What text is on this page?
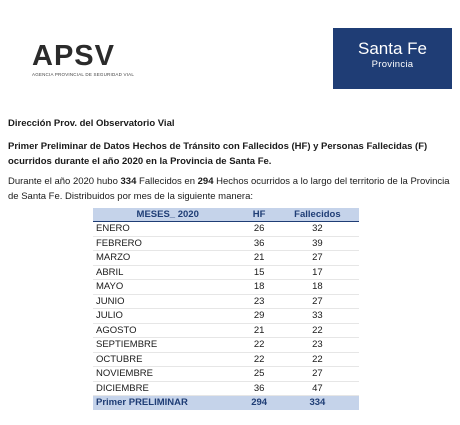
APSV
AGENCIA PROVINCIAL DE SEGURIDAD VIAL
Santa Fe
Provincia
Dirección Prov. del Observatorio Vial
Primer Preliminar de Datos Hechos de Tránsito con Fallecidos (HF) y Personas Fallecidas (F) ocurridos durante el año 2020 en la Provincia de Santa Fe.
Durante el año 2020 hubo 334 Fallecidos en 294 Hechos ocurridos a lo largo del territorio de la Provincia de Santa Fe. Distribuidos por mes de la siguiente manera:
MESES_ 2020	HF	Fallecidos
ENERO	26	32
FEBRERO	36	39
MARZO	21	27
ABRIL	15	17
MAYO	18	18
JUNIO	23	27
JULIO	29	33
AGOSTO	21	22
SEPTIEMBRE	22	23
OCTUBRE	22	22
NOVIEMBRE	25	27
DICIEMBRE	36	47
Primer PRELIMINAR	294	334
